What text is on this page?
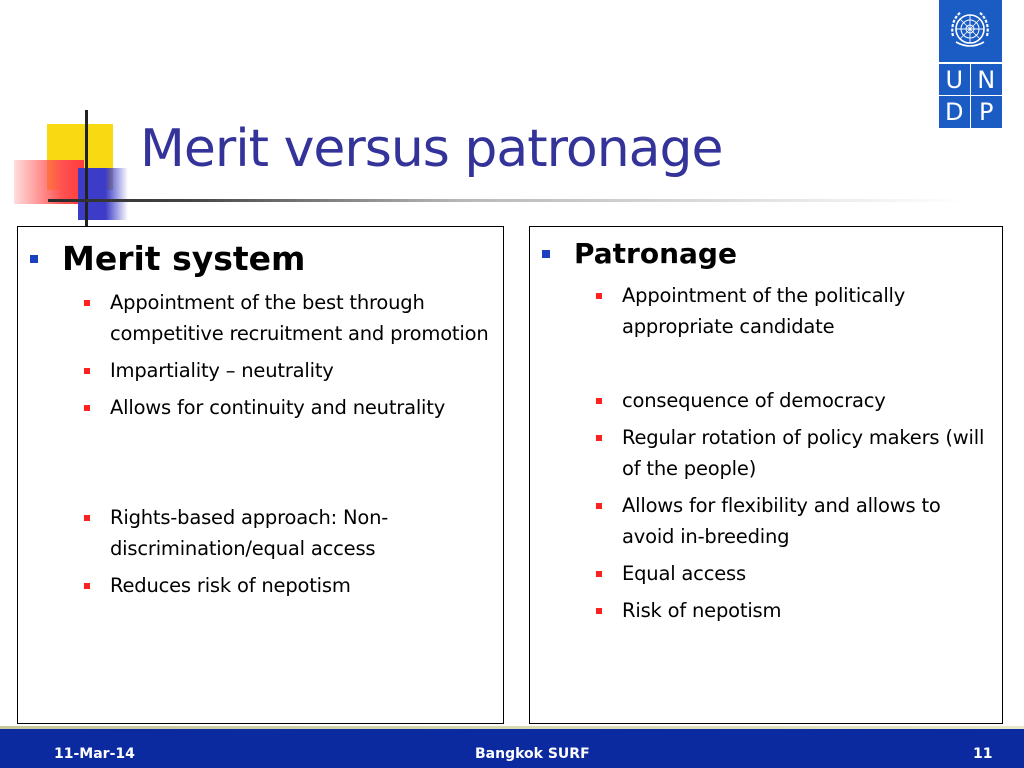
Merit versus patronage
U N
D P
Merit system
Appointment of the best through competitive recruitment and promotion
Impartiality – neutrality
Allows for continuity and neutrality
Rights-based approach: Non-discrimination/equal access
Reduces risk of nepotism
Patronage
Appointment of the politically appropriate candidate
consequence of democracy
Regular rotation of policy makers (will of the people)
Allows for flexibility and allows to avoid in-breeding
Equal access
Risk of nepotism
11-Mar-14	Bangkok SURF	11
